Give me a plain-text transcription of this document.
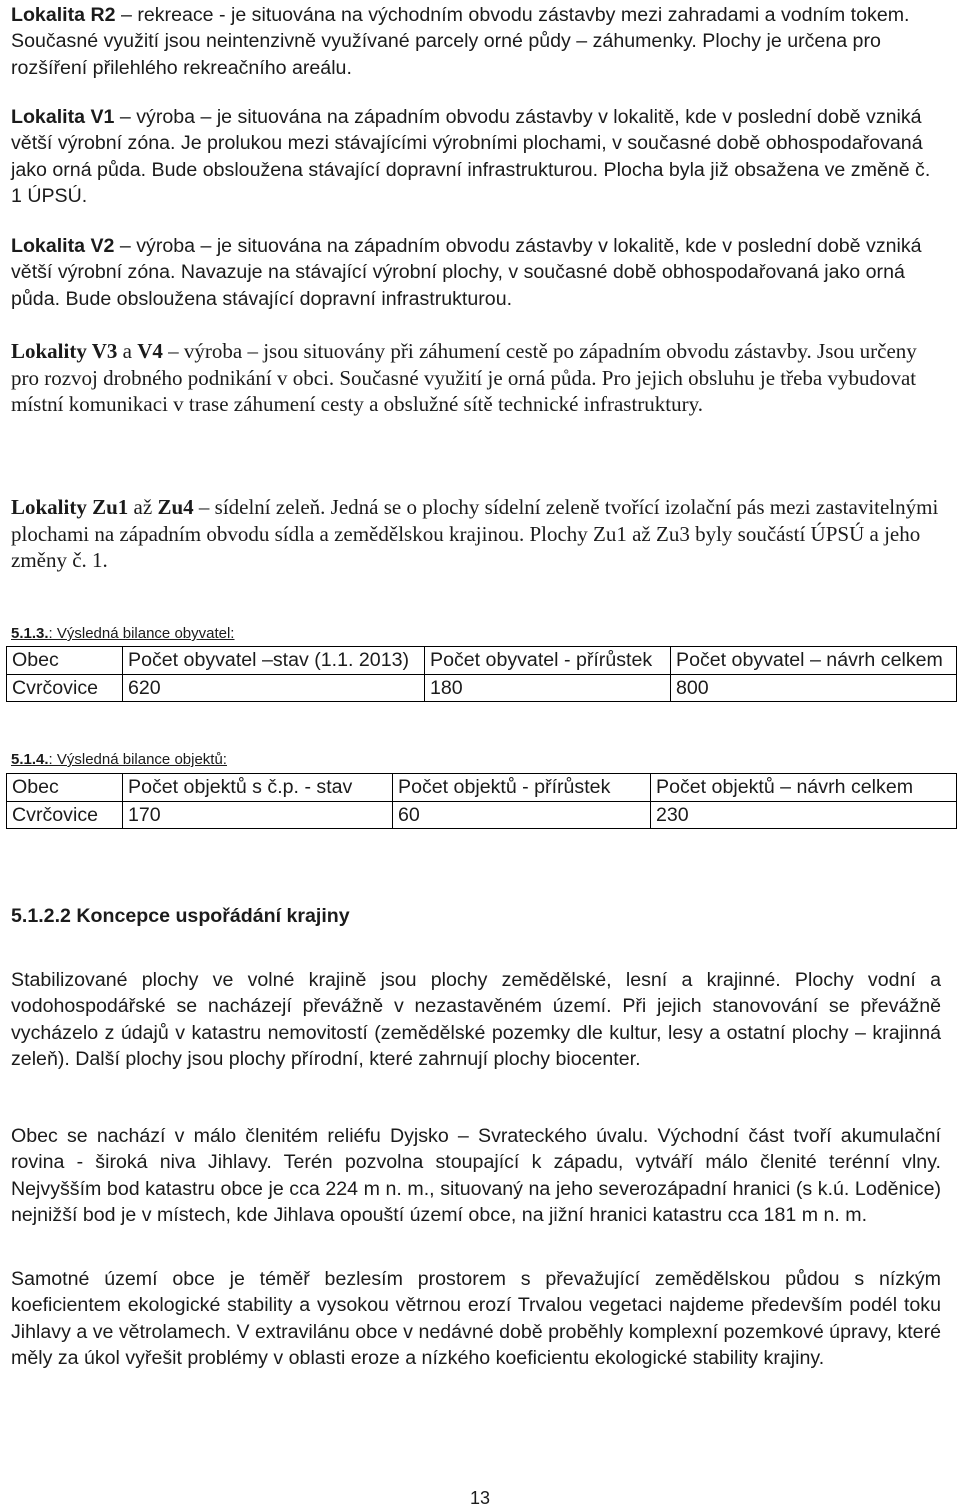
Lokalita R2 – rekreace - je situována na východním obvodu zástavby mezi zahradami a vodním tokem. Současné využití jsou neintenzivně využívané parcely orné půdy – záhumenky. Plochy je určena pro rozšíření přilehlého rekreačního areálu.

Lokalita V1 – výroba – je situována na západním obvodu zástavby v lokalitě, kde v poslední době vzniká větší výrobní zóna. Je prolukou mezi stávajícími výrobními plochami, v současné době obhospodařovaná jako orná půda. Bude obsloužena stávající dopravní infrastrukturou. Plocha byla již obsažena ve změně č. 1 ÚPSÚ.

Lokalita V2 – výroba – je situována na západním obvodu zástavby v lokalitě, kde v poslední době vzniká větší výrobní zóna. Navazuje na stávající výrobní plochy, v současné době obhospodařovaná jako orná půda. Bude obsloužena stávající dopravní infrastrukturou.

Lokality V3 a V4 – výroba – jsou situovány při záhumení cestě po západním obvodu zástavby. Jsou určeny pro rozvoj drobného podnikání v obci. Současné využití je orná půda. Pro jejich obsluhu je třeba vybudovat místní komunikaci v trase záhumení cesty a obslužné sítě technické infrastruktury.

Lokality Zu1 až Zu4 – sídelní zeleň. Jedná se o plochy sídelní zeleně tvořící izolační pás mezi zastavitelnými plochami na západním obvodu sídla a zemědělskou krajinou. Plochy Zu1 až Zu3 byly součástí ÚPSÚ a jeho změny č. 1.

5.1.3.: Výsledná bilance obyvatel:
Obec	Počet obyvatel –stav (1.1. 2013)	Počet obyvatel - přírůstek	Počet obyvatel – návrh celkem
Cvrčovice	620	180	800
5.1.4.: Výsledná bilance objektů:
Obec	Počet objektů s č.p. - stav	Počet objektů - přírůstek	Počet objektů – návrh celkem
Cvrčovice	170	60	230
5.1.2.2 Koncepce uspořádání krajiny

Stabilizované plochy ve volné krajině jsou plochy zemědělské, lesní a krajinné. Plochy vodní a vodohospodářské se nacházejí převážně v nezastavěném území. Při jejich stanovování se převážně vycházelo z údajů v katastru nemovitostí (zemědělské pozemky dle kultur, lesy a ostatní plochy – krajinná zeleň). Další plochy jsou plochy přírodní, které zahrnují plochy biocenter.

Obec se nachází v málo členitém reliéfu Dyjsko – Svrateckého úvalu. Východní část tvoří akumulační rovina - široká niva Jihlavy. Terén pozvolna stoupající k západu, vytváří málo členité terénní vlny. Nejvyšším bod katastru obce je cca 224 m n. m., situovaný na jeho severozápadní hranici (s k.ú. Loděnice) nejnižší bod je v místech, kde Jihlava opouští území obce, na jižní hranici katastru cca 181 m n. m.

Samotné území obce je téměř bezlesím prostorem s převažující zemědělskou půdou s nízkým koeficientem ekologické stability a vysokou větrnou erozí Trvalou vegetaci najdeme především podél toku Jihlavy a ve větrolamech. V extravilánu obce v nedávné době proběhly komplexní pozemkové úpravy, které měly za úkol vyřešit problémy v oblasti eroze a nízkého koeficientu ekologické stability krajiny.

13
